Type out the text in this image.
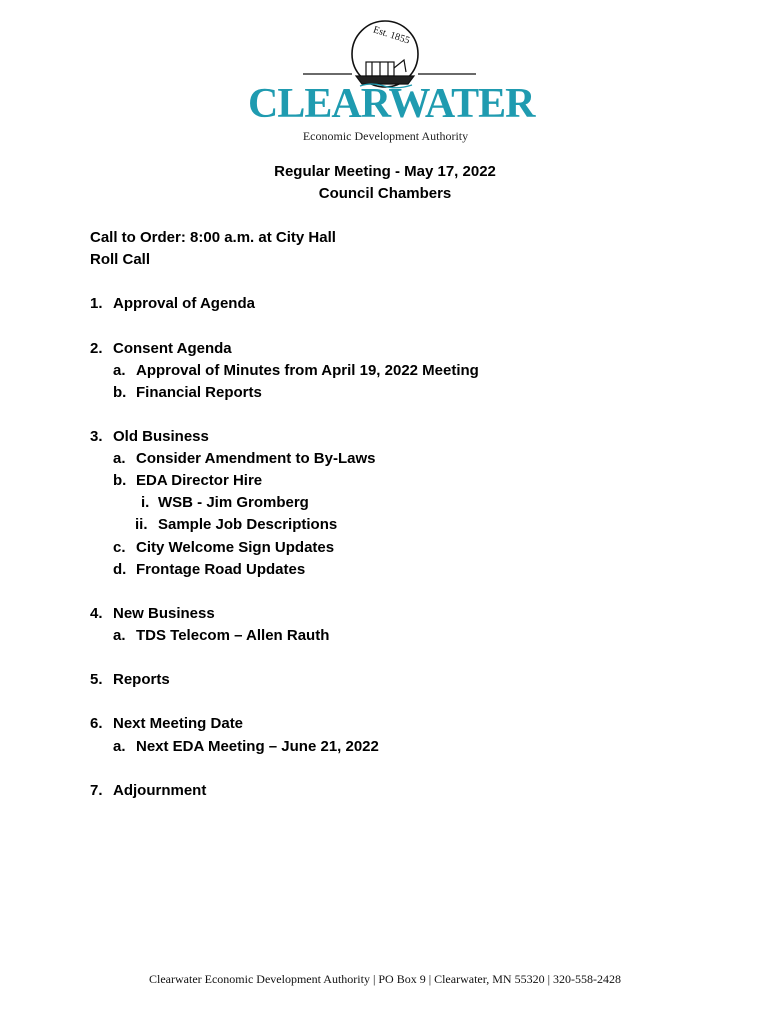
Est. 1855
CLEARWATER
Economic Development Authority
Regular Meeting - May 17, 2022
Council Chambers
Call to Order: 8:00 a.m. at City Hall
Roll Call
1. Approval of Agenda
2. Consent Agenda
a. Approval of Minutes from April 19, 2022 Meeting
b. Financial Reports
3. Old Business
a. Consider Amendment to By-Laws
b. EDA Director Hire
i. WSB - Jim Gromberg
ii. Sample Job Descriptions
c. City Welcome Sign Updates
d. Frontage Road Updates
4. New Business
a. TDS Telecom – Allen Rauth
5. Reports
6. Next Meeting Date
a. Next EDA Meeting – June 21, 2022
7. Adjournment
Clearwater Economic Development Authority | PO Box 9 | Clearwater, MN 55320 | 320-558-2428
